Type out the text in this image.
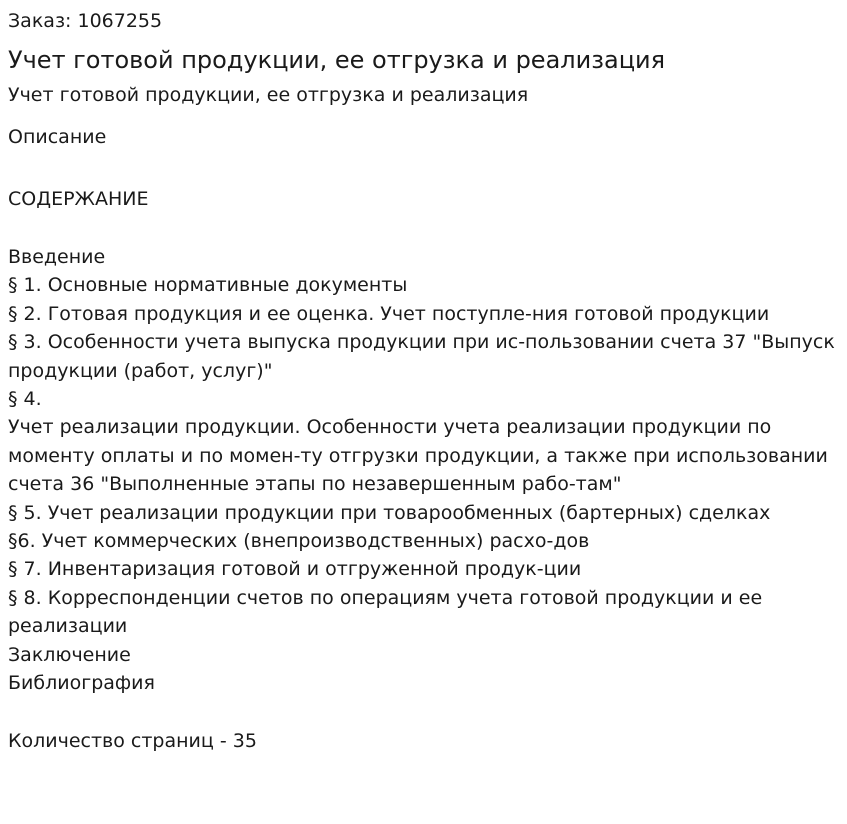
Заказ: 1067255

Учет готовой продукции, ее отгрузка и реализация

Учет готовой продукции, ее отгрузка и реализация

Описание

СОДЕРЖАНИЕ

Введение
§ 1. Основные нормативные документы
§ 2. Готовая продукция и ее оценка. Учет поступле-ния готовой продукции
§ 3. Особенности учета выпуска продукции при ис-пользовании счета 37 "Выпуск продукции (работ, услуг)"
§ 4.
Учет реализации продукции. Особенности учета реализации продукции по моменту оплаты и по момен-ту отгрузки продукции, а также при использовании счета 36 "Выполненные этапы по незавершенным рабо-там"
§ 5. Учет реализации продукции при товарообменных (бартерных) сделках
§6. Учет коммерческих (внепроизводственных) расхо-дов
§ 7. Инвентаризация готовой и отгруженной продук-ции
§ 8. Корреспонденции счетов по операциям учета готовой продукции и ее реализации
Заключение
Библиография

Количество страниц - 35
